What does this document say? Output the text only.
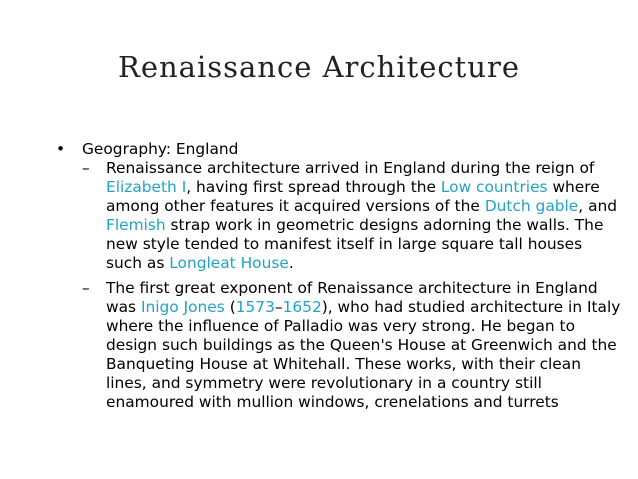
Renaissance Architecture
• Geography: England
– Renaissance architecture arrived in England during the reign of Elizabeth I, having first spread through the Low countries where among other features it acquired versions of the Dutch gable, and Flemish strap work in geometric designs adorning the walls. The new style tended to manifest itself in large square tall houses such as Longleat House.
– The first great exponent of Renaissance architecture in England was Inigo Jones (1573–1652), who had studied architecture in Italy where the influence of Palladio was very strong. He began to design such buildings as the Queen's House at Greenwich and the Banqueting House at Whitehall. These works, with their clean lines, and symmetry were revolutionary in a country still enamoured with mullion windows, crenelations and turrets
